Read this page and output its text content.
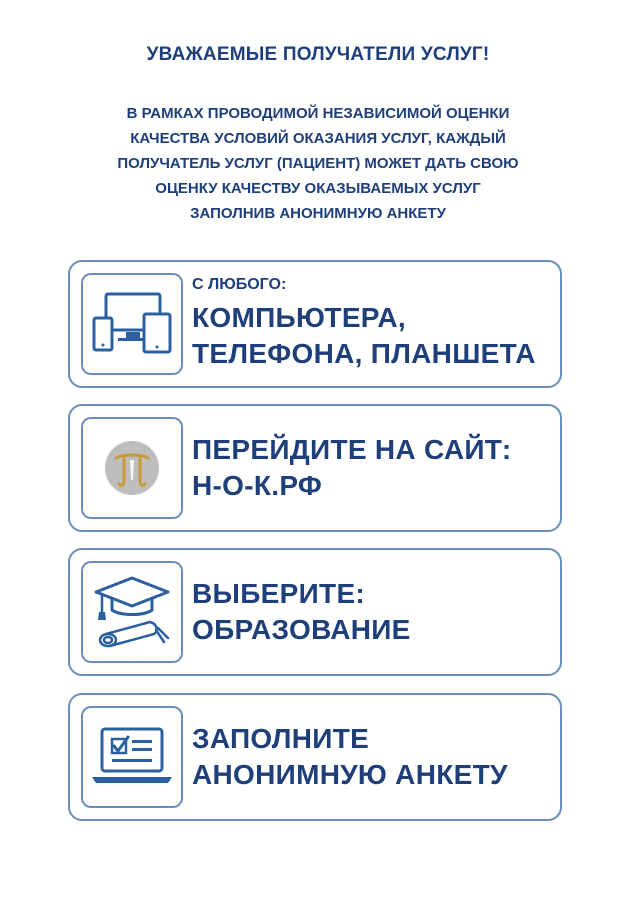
УВАЖАЕМЫЕ ПОЛУЧАТЕЛИ УСЛУГ!
В РАМКАХ ПРОВОДИМОЙ НЕЗАВИСИМОЙ ОЦЕНКИ
КАЧЕСТВА УСЛОВИЙ ОКАЗАНИЯ УСЛУГ, КАЖДЫЙ
ПОЛУЧАТЕЛЬ УСЛУГ (ПАЦИЕНТ) МОЖЕТ ДАТЬ СВОЮ
ОЦЕНКУ КАЧЕСТВУ ОКАЗЫВАЕМЫХ УСЛУГ
ЗАПОЛНИВ АНОНИМНУЮ АНКЕТУ
С ЛЮБОГО:
КОМПЬЮТЕРА,
ТЕЛЕФОНА, ПЛАНШЕТА
ПЕРЕЙДИТЕ НА САЙТ:
Н-О-К.РФ
ВЫБЕРИТЕ:
ОБРАЗОВАНИЕ
ЗАПОЛНИТЕ
АНОНИМНУЮ АНКЕТУ
